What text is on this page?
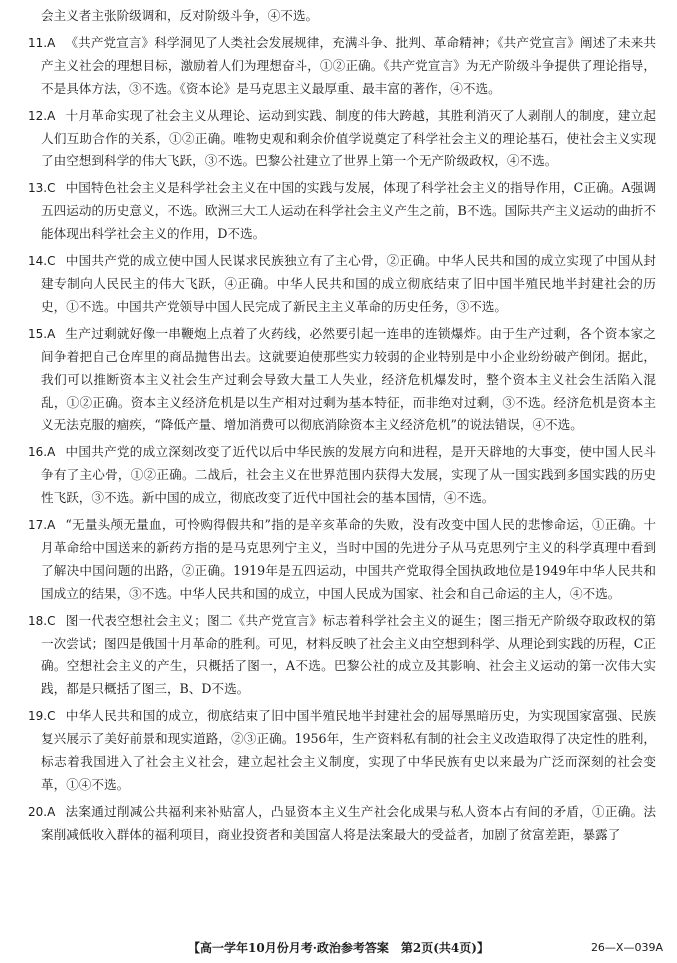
会主义者主张阶级调和，反对阶级斗争，④不选。

11.A 《共产党宣言》科学洞见了人类社会发展规律，充满斗争、批判、革命精神；《共产党宣言》阐述了未来共产主义社会的理想目标，激励着人们为理想奋斗，①②正确。《共产党宣言》为无产阶级斗争提供了理论指导，不是具体方法，③不选。《资本论》是马克思主义最厚重、最丰富的著作，④不选。

12.A 十月革命实现了社会主义从理论、运动到实践、制度的伟大跨越，其胜利消灭了人剥削人的制度，建立起人们互助合作的关系，①②正确。唯物史观和剩余价值学说奠定了科学社会主义的理论基石，使社会主义实现了由空想到科学的伟大飞跃，③不选。巴黎公社建立了世界上第一个无产阶级政权，④不选。

13.C 中国特色社会主义是科学社会主义在中国的实践与发展，体现了科学社会主义的指导作用，C正确。A强调五四运动的历史意义，不选。欧洲三大工人运动在科学社会主义产生之前，B不选。国际共产主义运动的曲折不能体现出科学社会主义的作用，D不选。

14.C 中国共产党的成立使中国人民谋求民族独立有了主心骨，②正确。中华人民共和国的成立实现了中国从封建专制向人民民主的伟大飞跃，④正确。中华人民共和国的成立彻底结束了旧中国半殖民地半封建社会的历史，①不选。中国共产党领导中国人民完成了新民主主义革命的历史任务，③不选。

15.A 生产过剩就好像一串鞭炮上点着了火药线，必然要引起一连串的连锁爆炸。由于生产过剩，各个资本家之间争着把自己仓库里的商品抛售出去。这就要迫使那些实力较弱的企业特别是中小企业纷纷破产倒闭。据此，我们可以推断资本主义社会生产过剩会导致大量工人失业，经济危机爆发时，整个资本主义社会生活陷入混乱，①②正确。资本主义经济危机是以生产相对过剩为基本特征，而非绝对过剩，③不选。经济危机是资本主义无法克服的痼疾，“降低产量、增加消费可以彻底消除资本主义经济危机”的说法错误，④不选。

16.A 中国共产党的成立深刻改变了近代以后中华民族的发展方向和进程，是开天辟地的大事变，使中国人民斗争有了主心骨，①②正确。二战后，社会主义在世界范围内获得大发展，实现了从一国实践到多国实践的历史性飞跃，③不选。新中国的成立，彻底改变了近代中国社会的基本国情，④不选。

17.A “无量头颅无量血，可怜购得假共和”指的是辛亥革命的失败，没有改变中国人民的悲惨命运，①正确。十月革命给中国送来的新药方指的是马克思列宁主义，当时中国的先进分子从马克思列宁主义的科学真理中看到了解决中国问题的出路，②正确。1919年是五四运动，中国共产党取得全国执政地位是1949年中华人民共和国成立的结果，③不选。中华人民共和国的成立，中国人民成为国家、社会和自己命运的主人，④不选。

18.C 图一代表空想社会主义；图二《共产党宣言》标志着科学社会主义的诞生；图三指无产阶级夺取政权的第一次尝试；图四是俄国十月革命的胜利。可见，材料反映了社会主义由空想到科学、从理论到实践的历程，C正确。空想社会主义的产生，只概括了图一，A不选。巴黎公社的成立及其影响、社会主义运动的第一次伟大实践，都是只概括了图三，B、D不选。

19.C 中华人民共和国的成立，彻底结束了旧中国半殖民地半封建社会的屈辱黑暗历史，为实现国家富强、民族复兴展示了美好前景和现实道路，②③正确。1956年，生产资料私有制的社会主义改造取得了决定性的胜利，标志着我国进入了社会主义社会，建立起社会主义制度，实现了中华民族有史以来最为广泛而深刻的社会变革，①④不选。

20.A 法案通过削减公共福利来补贴富人，凸显资本主义生产社会化成果与私人资本占有间的矛盾，①正确。法案削减低收入群体的福利项目，商业投资者和美国富人将是法案最大的受益者，加剧了贫富差距，暴露了

【高一学年10月份月考·政治参考答案　第2页(共4页)】	26—X—039A
